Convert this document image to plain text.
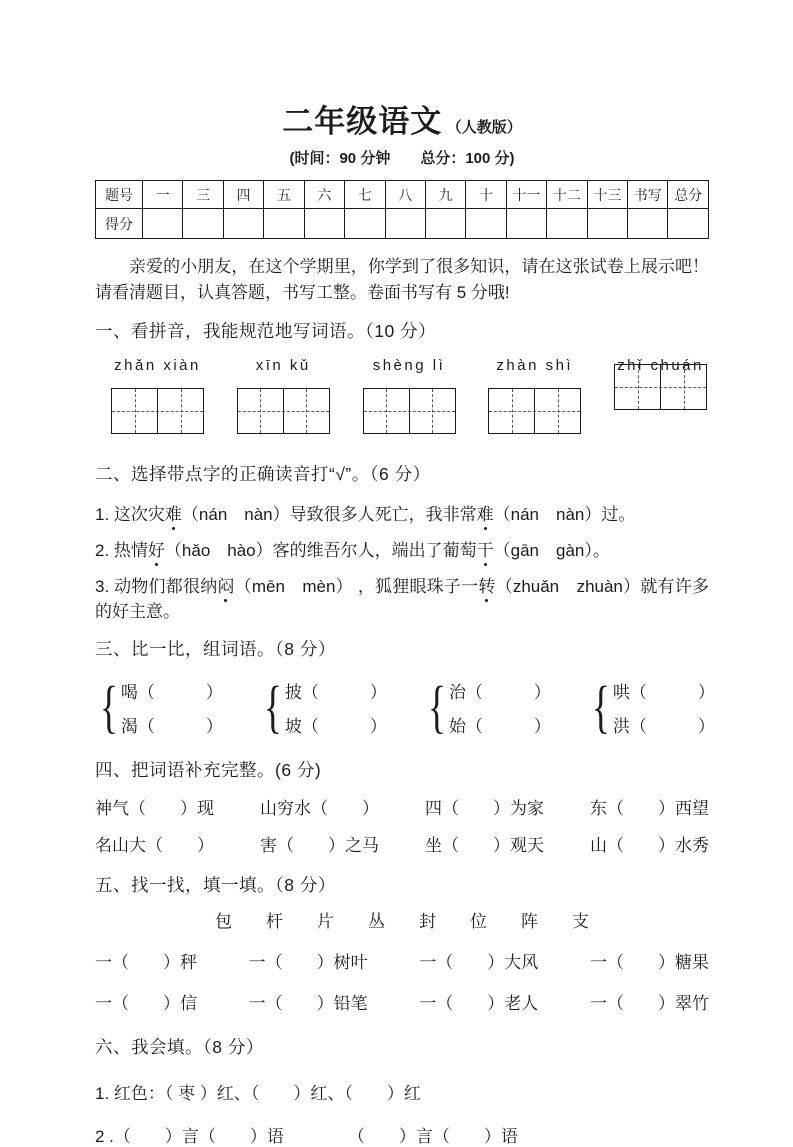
二年级语文 （人教版）
(时间：90 分钟　　总分：100 分)
题号	一	三	四	五	六	七	八	九	十	十一	十二	十三	书写	总分
得分														

亲爱的小朋友，在这个学期里，你学到了很多知识，请在这张试卷上展示吧！请看清题目，认真答题，书写工整。卷面书写有 5 分哦!

一、看拼音，我能规范地写词语。（10 分）
zhǎn xiàn	xīn kǔ	shèng lì	zhàn shì	zhǐ chuán
二、选择带点字的正确读音打“√”。（6 分）
1. 这次灾难（nán　nàn）导致很多人死亡，我非常难（nán　nàn）过。
2. 热情好（hǎo　hào）客的维吾尔人，端出了葡萄干（gān　gàn）。
3. 动物们都很纳闷（mēn　mèn） ，狐狸眼珠子一转（zhuǎn　zhuàn）就有许多的好主意。
三、比一比，组词语。（8 分）
{ 喝（　　　）
渴（　　　） { 披（　　　）
坡（　　　） { 治（　　　）
始（　　　） { 哄（　　　）
洪（　　　）
四、把词语补充完整。(6 分)
神气（　　）现	山穷水（　　）	四（　　）为家	东（　　）西望
名山大（　　）	害（　　）之马	坐（　　）观天	山（　　）水秀
五、找一找，填一填。（8 分）
包 杆 片 丛 封 位 阵 支
一（　　）秤	一（　　）树叶	一（　　）大风	一（　　）糖果
一（　　）信	一（　　）铅笔	一（　　）老人	一（　　）翠竹
六、我会填。（8 分）
1. 红色：（ 枣 ）红、（　　）红、（　　）红
2 .（　　）言（　　）语	（　　）言（　　）语
